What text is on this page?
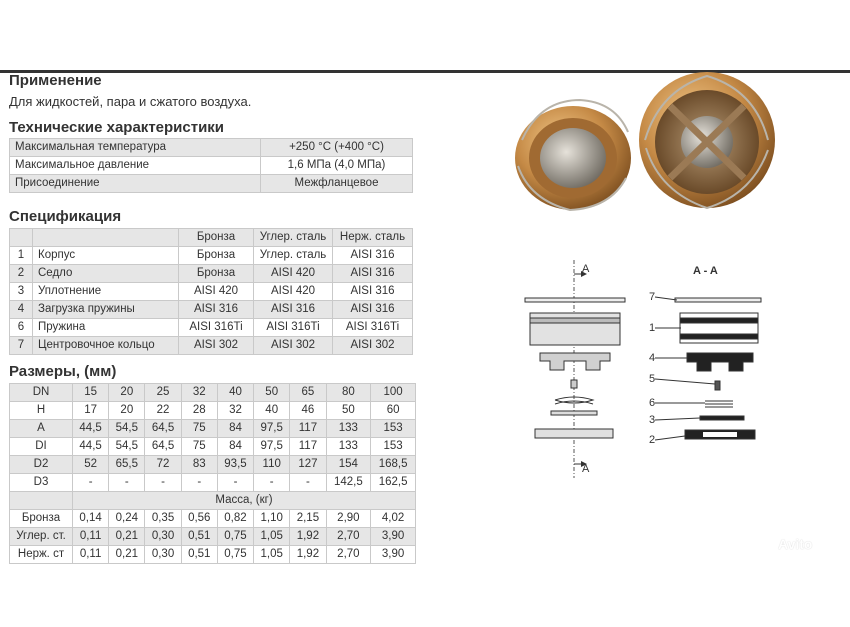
Применение
Для жидкостей, пара и сжатого воздуха.
Технические характеристики
Максимальная температура	+250 °C (+400 °C)
Максимальное давление	1,6 МПа (4,0 МПа)
Присоединение	Межфланцевое
Спецификация
		Бронза	Углер. сталь	Нерж. сталь
1	Корпус	Бронза	Углер. сталь	AISI 316
2	Седло	Бронза	AISI 420	AISI 316
3	Уплотнение	AISI 420	AISI 420	AISI 316
4	Загрузка пружины	AISI 316	AISI 316	AISI 316
6	Пружина	AISI 316Ti	AISI 316Ti	AISI 316Ti
7	Центровочное кольцо	AISI 302	AISI 302	AISI 302
Размеры, (мм)
DN	15	20	25	32	40	50	65	80	100
H	17	20	22	28	32	40	46	50	60
A	44,5	54,5	64,5	75	84	97,5	117	133	153
DI	44,5	54,5	64,5	75	84	97,5	117	133	153
D2	52	65,5	72	83	93,5	110	127	154	168,5
D3	-	-	-	-	-	-	-	142,5	162,5
	Масса, (кг)								
Бронза	0,14	0,24	0,35	0,56	0,82	1,10	2,15	2,90	4,02
Углер. ст.	0,11	0,21	0,30	0,51	0,75	1,05	1,92	2,70	3,90
Нерж. ст	0,11	0,21	0,30	0,51	0,75	1,05	1,92	2,70	3,90
A
A
A - A
7
1
4
5
6
3
2
Avito
